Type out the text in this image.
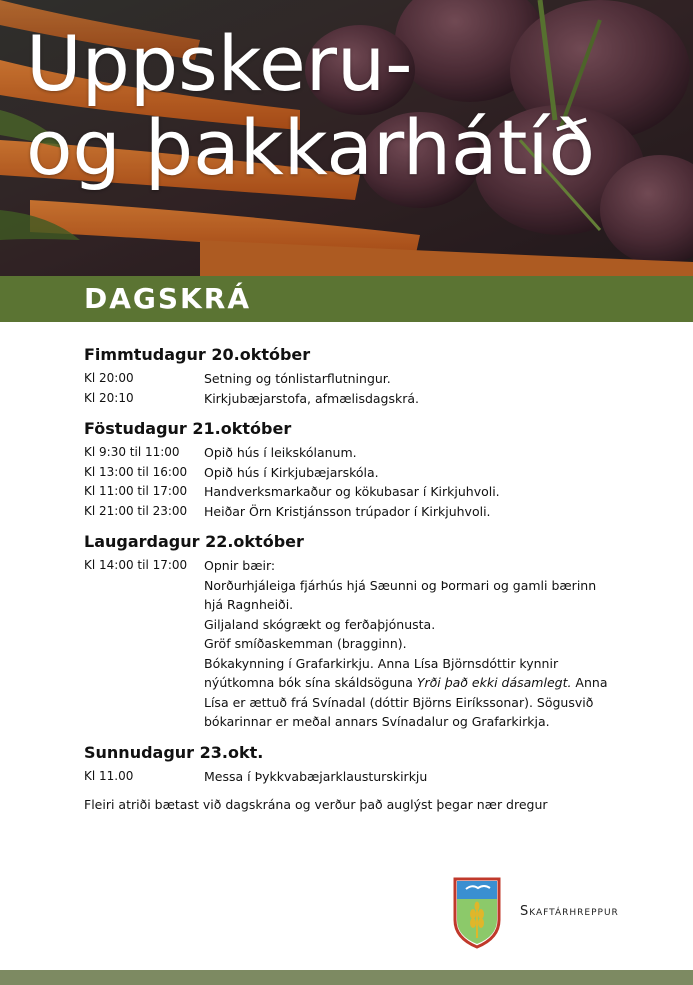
Uppskeru-
og þakkarhátíð
DAGSKRÁ
Fimmtudagur 20.október
Kl 20:00	Setning og tónlistarflutningur.
Kl 20:10	Kirkjubæjarstofa, afmælisdagskrá.
Föstudagur 21.október
Kl 9:30 til 11:00	Opið hús í leikskólanum.
Kl 13:00 til 16:00	Opið hús í Kirkjubæjarskóla.
Kl 11:00 til 17:00	Handverksmarkaður og kökubasar í Kirkjuhvoli.
Kl 21:00 til 23:00	Heiðar Örn Kristjánsson trúpador í Kirkjuhvoli.
Laugardagur 22.október
Kl 14:00 til 17:00	Opnir bæir:

Norðurhjáleiga fjárhús hjá Sæunni og Þormari og gamli bærinn

hjá Ragnheiði.

Giljaland skógrækt og ferðaþjónusta.

Gröf smíðaskemman (bragginn).

Bókakynning í Grafarkirkju. Anna Lísa Björnsdóttir kynnir

nýútkomna bók sína skáldsöguna Yrði það ekki dásamlegt. Anna

Lísa er ættuð frá Svínadal (dóttir Björns Eiríkssonar). Sögusvið

bókarinnar er meðal annars Svínadalur og Grafarkirkja.

Sunnudagur 23.okt.
Kl 11.00	Messa í Þykkvabæjarklausturskirkju

Fleiri atriði bætast við dagskrána og verður það auglýst þegar nær dregur

Skaftárhreppur
